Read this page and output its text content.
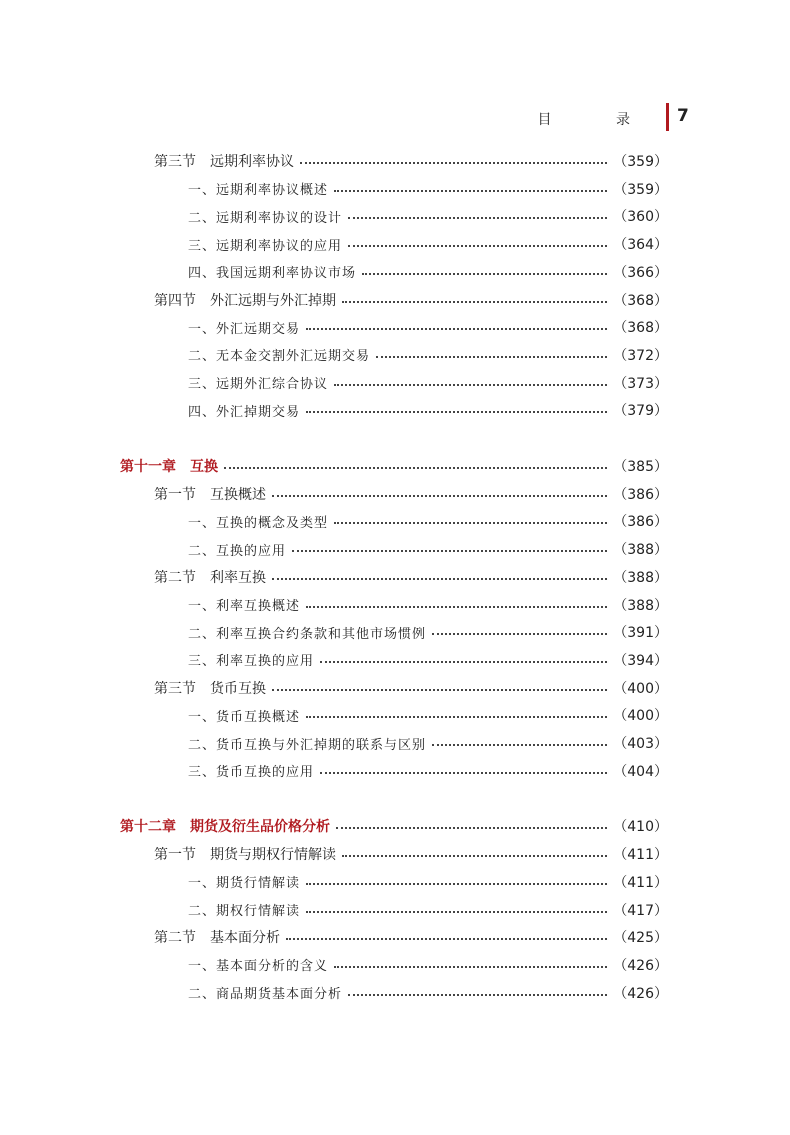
目 录 7
第三节　远期利率协议	（359）
一、远期利率协议概述	（359）
二、远期利率协议的设计	（360）
三、远期利率协议的应用	（364）
四、我国远期利率协议市场	（366）
第四节　外汇远期与外汇掉期	（368）
一、外汇远期交易	（368）
二、无本金交割外汇远期交易	（372）
三、远期外汇综合协议	（373）
四、外汇掉期交易	（379）
第十一章　互换	（385）
第一节　互换概述	（386）
一、互换的概念及类型	（386）
二、互换的应用	（388）
第二节　利率互换	（388）
一、利率互换概述	（388）
二、利率互换合约条款和其他市场惯例	（391）
三、利率互换的应用	（394）
第三节　货币互换	（400）
一、货币互换概述	（400）
二、货币互换与外汇掉期的联系与区别	（403）
三、货币互换的应用	（404）
第十二章　期货及衍生品价格分析	（410）
第一节　期货与期权行情解读	（411）
一、期货行情解读	（411）
二、期权行情解读	（417）
第二节　基本面分析	（425）
一、基本面分析的含义	（426）
二、商品期货基本面分析	（426）
